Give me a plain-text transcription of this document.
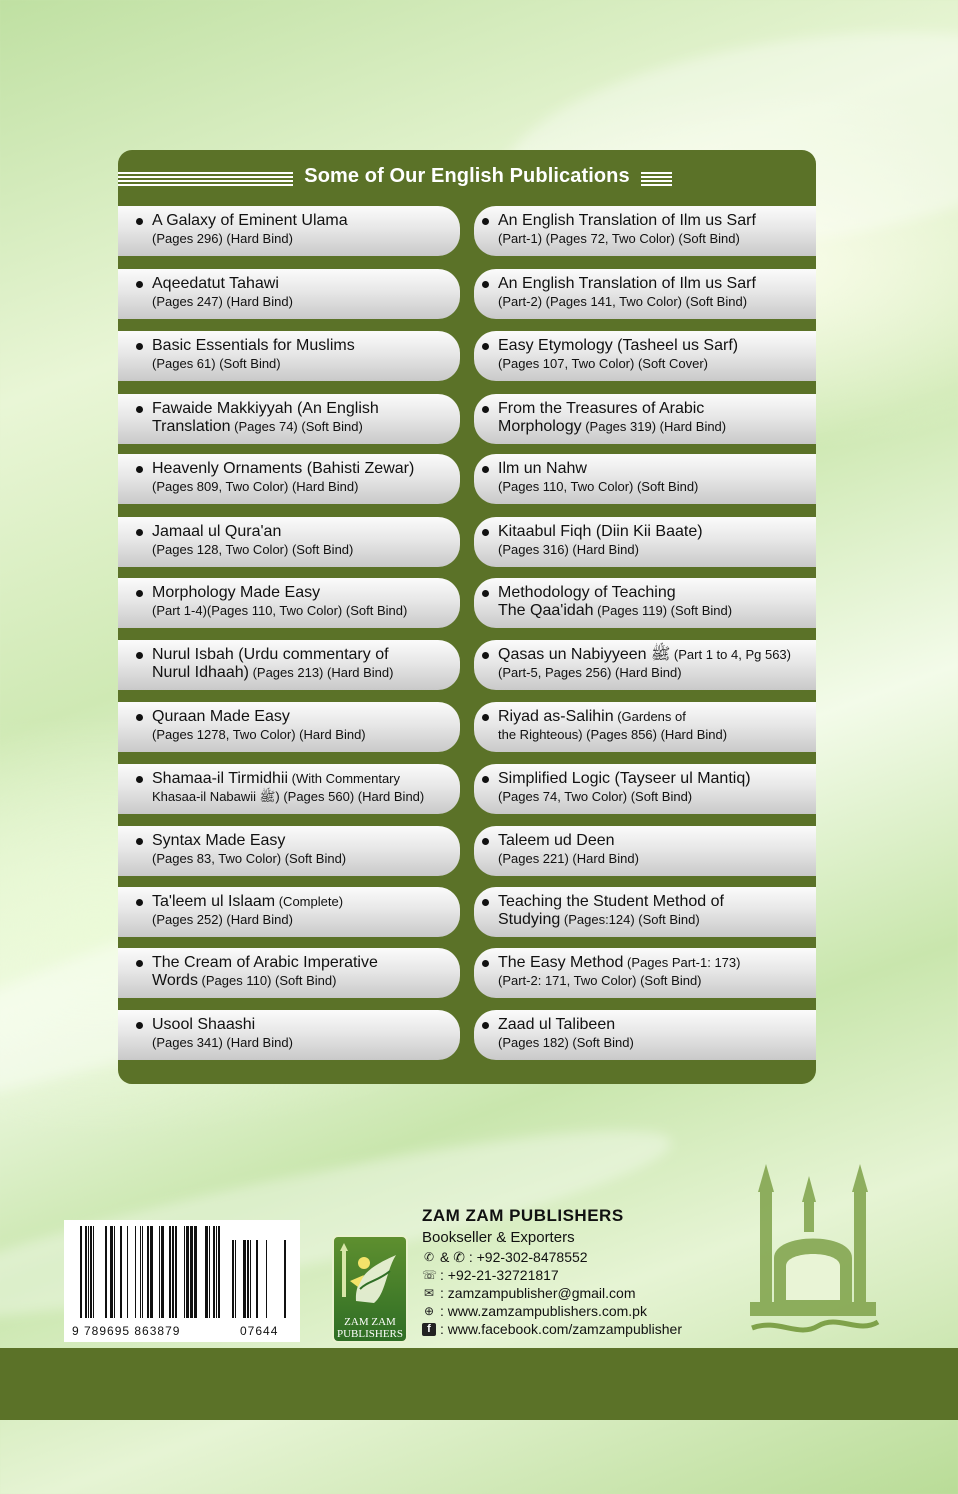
Some of Our English Publications
A Galaxy of Eminent Ulama
(Pages 296) (Hard Bind)
Aqeedatut Tahawi
(Pages 247) (Hard Bind)
Basic Essentials for Muslims
(Pages 61) (Soft Bind)
Fawaide Makkiyyah (An English
Translation (Pages 74) (Soft Bind)
Heavenly Ornaments (Bahisti Zewar)
(Pages 809, Two Color) (Hard Bind)
Jamaal ul Qura'an
(Pages 128, Two Color) (Soft Bind)
Morphology Made Easy
(Part 1-4)(Pages 110, Two Color) (Soft Bind)
Nurul Isbah (Urdu commentary of
Nurul Idhaah) (Pages 213) (Hard Bind)
Quraan Made Easy
(Pages 1278, Two Color) (Hard Bind)
Shamaa-il Tirmidhii (With Commentary
Khasaa-il Nabawii ﷺ) (Pages 560) (Hard Bind)
Syntax Made Easy
(Pages 83, Two Color) (Soft Bind)
Ta'leem ul Islaam (Complete)
(Pages 252) (Hard Bind)
The Cream of Arabic Imperative
Words (Pages 110) (Soft Bind)
Usool Shaashi
(Pages 341) (Hard Bind)
An English Translation of Ilm us Sarf
(Part-1) (Pages 72, Two Color) (Soft Bind)
An English Translation of Ilm us Sarf
(Part-2) (Pages 141, Two Color) (Soft Bind)
Easy Etymology (Tasheel us Sarf)
(Pages 107, Two Color) (Soft Cover)
From the Treasures of Arabic
Morphology (Pages 319) (Hard Bind)
Ilm un Nahw
(Pages 110, Two Color) (Soft Bind)
Kitaabul Fiqh (Diin Kii Baate)
(Pages 316) (Hard Bind)
Methodology of Teaching
The Qaa'idah (Pages 119) (Soft Bind)
Qasas un Nabiyyeen ﷺ (Part 1 to 4, Pg 563)
(Part-5, Pages 256) (Hard Bind)
Riyad as-Salihin (Gardens of
the Righteous) (Pages 856) (Hard Bind)
Simplified Logic (Tayseer ul Mantiq)
(Pages 74, Two Color) (Soft Bind)
Taleem ud Deen
(Pages 221) (Hard Bind)
Teaching the Student Method of
Studying (Pages:124) (Soft Bind)
The Easy Method (Pages Part-1: 173)
(Part-2: 171, Two Color) (Soft Bind)
Zaad ul Talibeen
(Pages 182) (Soft Bind)
9 789695 863879	07644
ZAM ZAM
PUBLISHERS
ZAM ZAM PUBLISHERS
Bookseller & Exporters
✆ & ✆ : +92-302-8478552
☏ : +92-21-32721817
✉ : zamzampublisher@gmail.com
⊕ : www.zamzampublishers.com.pk
f : www.facebook.com/zamzampublisher
